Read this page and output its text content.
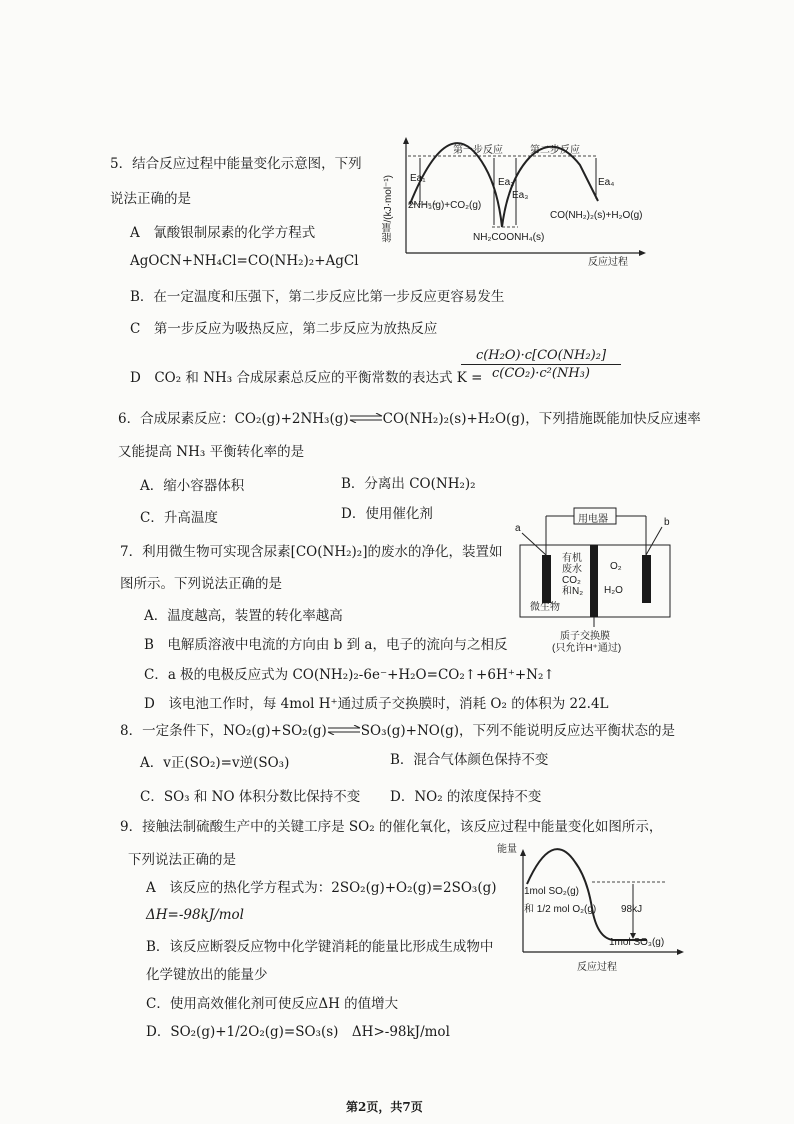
5．结合反应过程中能量变化示意图，下列
说法正确的是
A　氰酸银制尿素的化学方程式
AgOCN+NH₄Cl=CO(NH₂)₂+AgCl
B．在一定温度和压强下，第二步反应比第一步反应更容易发生
C　第一步反应为吸热反应，第二步反应为放热反应
D　CO₂ 和 NH₃ 合成尿素总反应的平衡常数的表达式 K =
c(H₂O)·c[CO(NH₂)₂]
c(CO₂)·c²(NH₃)
能量/(kJ·mol⁻¹)
第一步反应	第二步反应
Ea₁	Ea₂
Ea₃
Ea₄
2NH₃(g)+CO₂(g)
NH₂COONH₄(s)
CO(NH₂)₂(s)+H₂O(g)
反应过程
6．合成尿素反应：CO₂(g)+2NH₃(g)⇌CO(NH₂)₂(s)+H₂O(g)，下列措施既能加快反应速率
又能提高 NH₃ 平衡转化率的是
A．缩小容器体积	B．分离出 CO(NH₂)₂
C．升高温度	D．使用催化剂
7．利用微生物可实现含尿素[CO(NH₂)₂]的废水的净化，装置如
图所示。下列说法正确的是
A．温度越高，装置的转化率越高
B　电解质溶液中电流的方向由 b 到 a，电子的流向与之相反
C．a 极的电极反应式为 CO(NH₂)₂-6e⁻+H₂O=CO₂↑+6H⁺+N₂↑
D　该电池工作时，每 4mol H⁺通过质子交换膜时，消耗 O₂ 的体积为 22.4L
a
b
用电器
有机
废水
CO₂
和N₂
微生物
O₂
H₂O
质子交换膜
(只允许H⁺通过)
8．一定条件下，NO₂(g)+SO₂(g)⇌SO₃(g)+NO(g)，下列不能说明反应达平衡状态的是
A．v正(SO₂)=v逆(SO₃)	B．混合气体颜色保持不变
C．SO₃ 和 NO 体积分数比保持不变 D．NO₂ 的浓度保持不变
9．接触法制硫酸生产中的关键工序是 SO₂ 的催化氧化，该反应过程中能量变化如图所示，
下列说法正确的是
A　该反应的热化学方程式为：2SO₂(g)+O₂(g)=2SO₃(g)
ΔH=-98kJ/mol
B．该反应断裂反应物中化学键消耗的能量比形成生成物中
化学键放出的能量少
C．使用高效催化剂可使反应ΔH 的值增大
D．SO₂(g)+1/2O₂(g)=SO₃(s)　ΔH>-98kJ/mol
能量
1mol SO₂(g)
和 1/2 mol O₂(g) 98kJ
1mol SO₃(g)
反应过程
第2页，共7页
